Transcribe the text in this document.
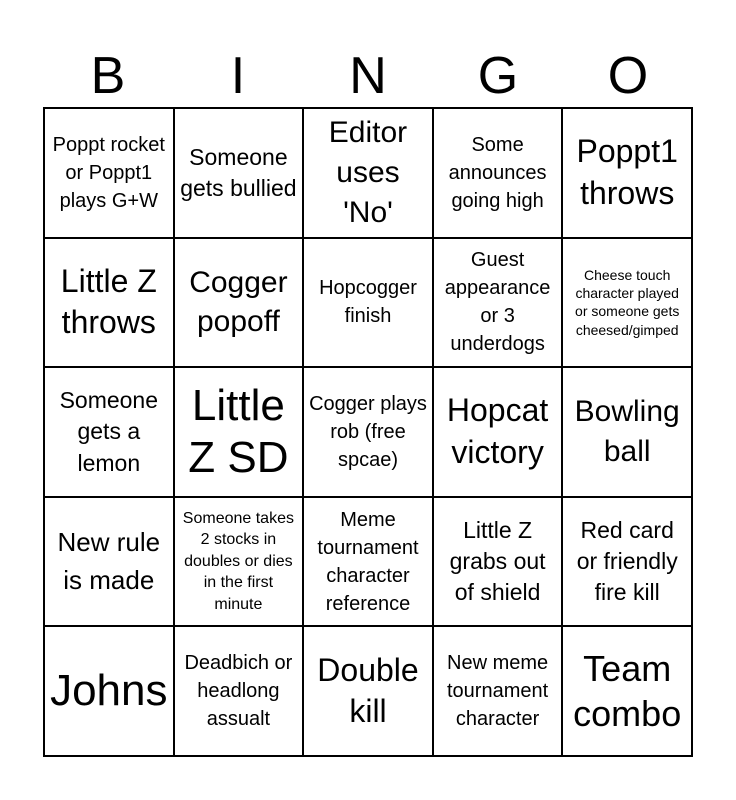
B	I	N	G	O
Poppt rocket or Poppt1 plays G+W
Someone gets bullied
Editor uses 'No'
Some announces going high
Poppt1 throws
Little Z throws
Cogger popoff
Hopcogger finish
Guest appearance or 3 underdogs
Cheese touch character played or someone gets cheesed/gimped
Someone gets a lemon
Little Z SD
Cogger plays rob (free spcae)
Hopcat victory
Bowling ball
New rule is made
Someone takes 2 stocks in doubles or dies in the first minute
Meme tournament character reference
Little Z grabs out of shield
Red card or friendly fire kill
Johns
Deadbich or headlong assualt
Double kill
New meme tournament character
Team combo
